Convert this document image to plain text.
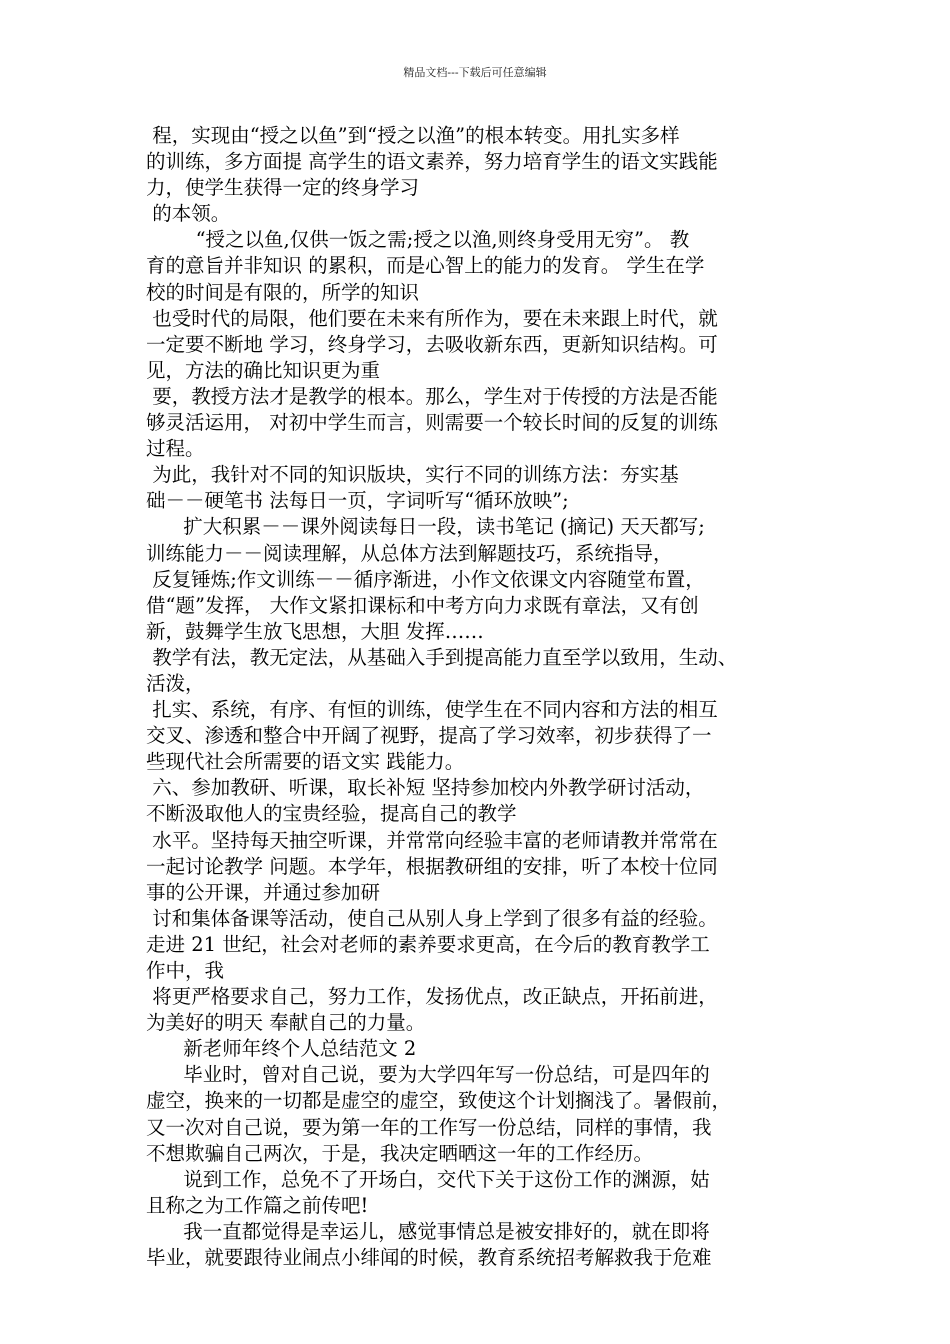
精品文档---下载后可任意编辑
程，实现由“授之以鱼”到“授之以渔”的根本转变。用扎实多样
的训练，多方面提 高学生的语文素养，努力培育学生的语文实践能
力，使学生获得一定的终身学习
的本领。
“授之以鱼,仅供一饭之需;授之以渔,则终身受用无穷”。 教
育的意旨并非知识 的累积，而是心智上的能力的发育。 学生在学
校的时间是有限的，所学的知识
也受时代的局限，他们要在未来有所作为，要在未来跟上时代，就
一定要不断地 学习，终身学习，去吸收新东西，更新知识结构。可
见，方法的确比知识更为重
要，教授方法才是教学的根本。那么，学生对于传授的方法是否能
够灵活运用， 对初中学生而言，则需要一个较长时间的反复的训练
过程。
为此，我针对不同的知识版块，实行不同的训练方法：夯实基
础－－硬笔书 法每日一页，字词听写“循环放映”;
扩大积累－－课外阅读每日一段，读书笔记 (摘记) 天天都写;
训练能力－－阅读理解，从总体方法到解题技巧，系统指导，
反复锤炼;作文训练－－循序渐进，小作文依课文内容随堂布置，
借“题”发挥， 大作文紧扣课标和中考方向力求既有章法，又有创
新，鼓舞学生放飞思想，大胆 发挥……
教学有法，教无定法，从基础入手到提高能力直至学以致用，生动、
活泼，
扎实、系统，有序、有恒的训练，使学生在不同内容和方法的相互
交叉、渗透和整合中开阔了视野，提高了学习效率，初步获得了一
些现代社会所需要的语文实 践能力。
六、参加教研、听课，取长补短 坚持参加校内外教学研讨活动，
不断汲取他人的宝贵经验，提高自己的教学
水平。坚持每天抽空听课，并常常向经验丰富的老师请教并常常在
一起讨论教学 问题。本学年，根据教研组的安排，听了本校十位同
事的公开课，并通过参加研
讨和集体备课等活动，使自己从别人身上学到了很多有益的经验。
走进 21 世纪，社会对老师的素养要求更高，在今后的教育教学工
作中，我
将更严格要求自己，努力工作，发扬优点，改正缺点，开拓前进，
为美好的明天 奉献自己的力量。
新老师年终个人总结范文 2
毕业时，曾对自己说，要为大学四年写一份总结，可是四年的
虚空，换来的一切都是虚空的虚空，致使这个计划搁浅了。暑假前，
又一次对自己说，要为第一年的工作写一份总结，同样的事情，我
不想欺骗自己两次，于是，我决定晒晒这一年的工作经历。
说到工作，总免不了开场白，交代下关于这份工作的渊源，姑
且称之为工作篇之前传吧!
我一直都觉得是幸运儿，感觉事情总是被安排好的，就在即将
毕业，就要跟待业闹点小绯闻的时候，教育系统招考解救我于危难
